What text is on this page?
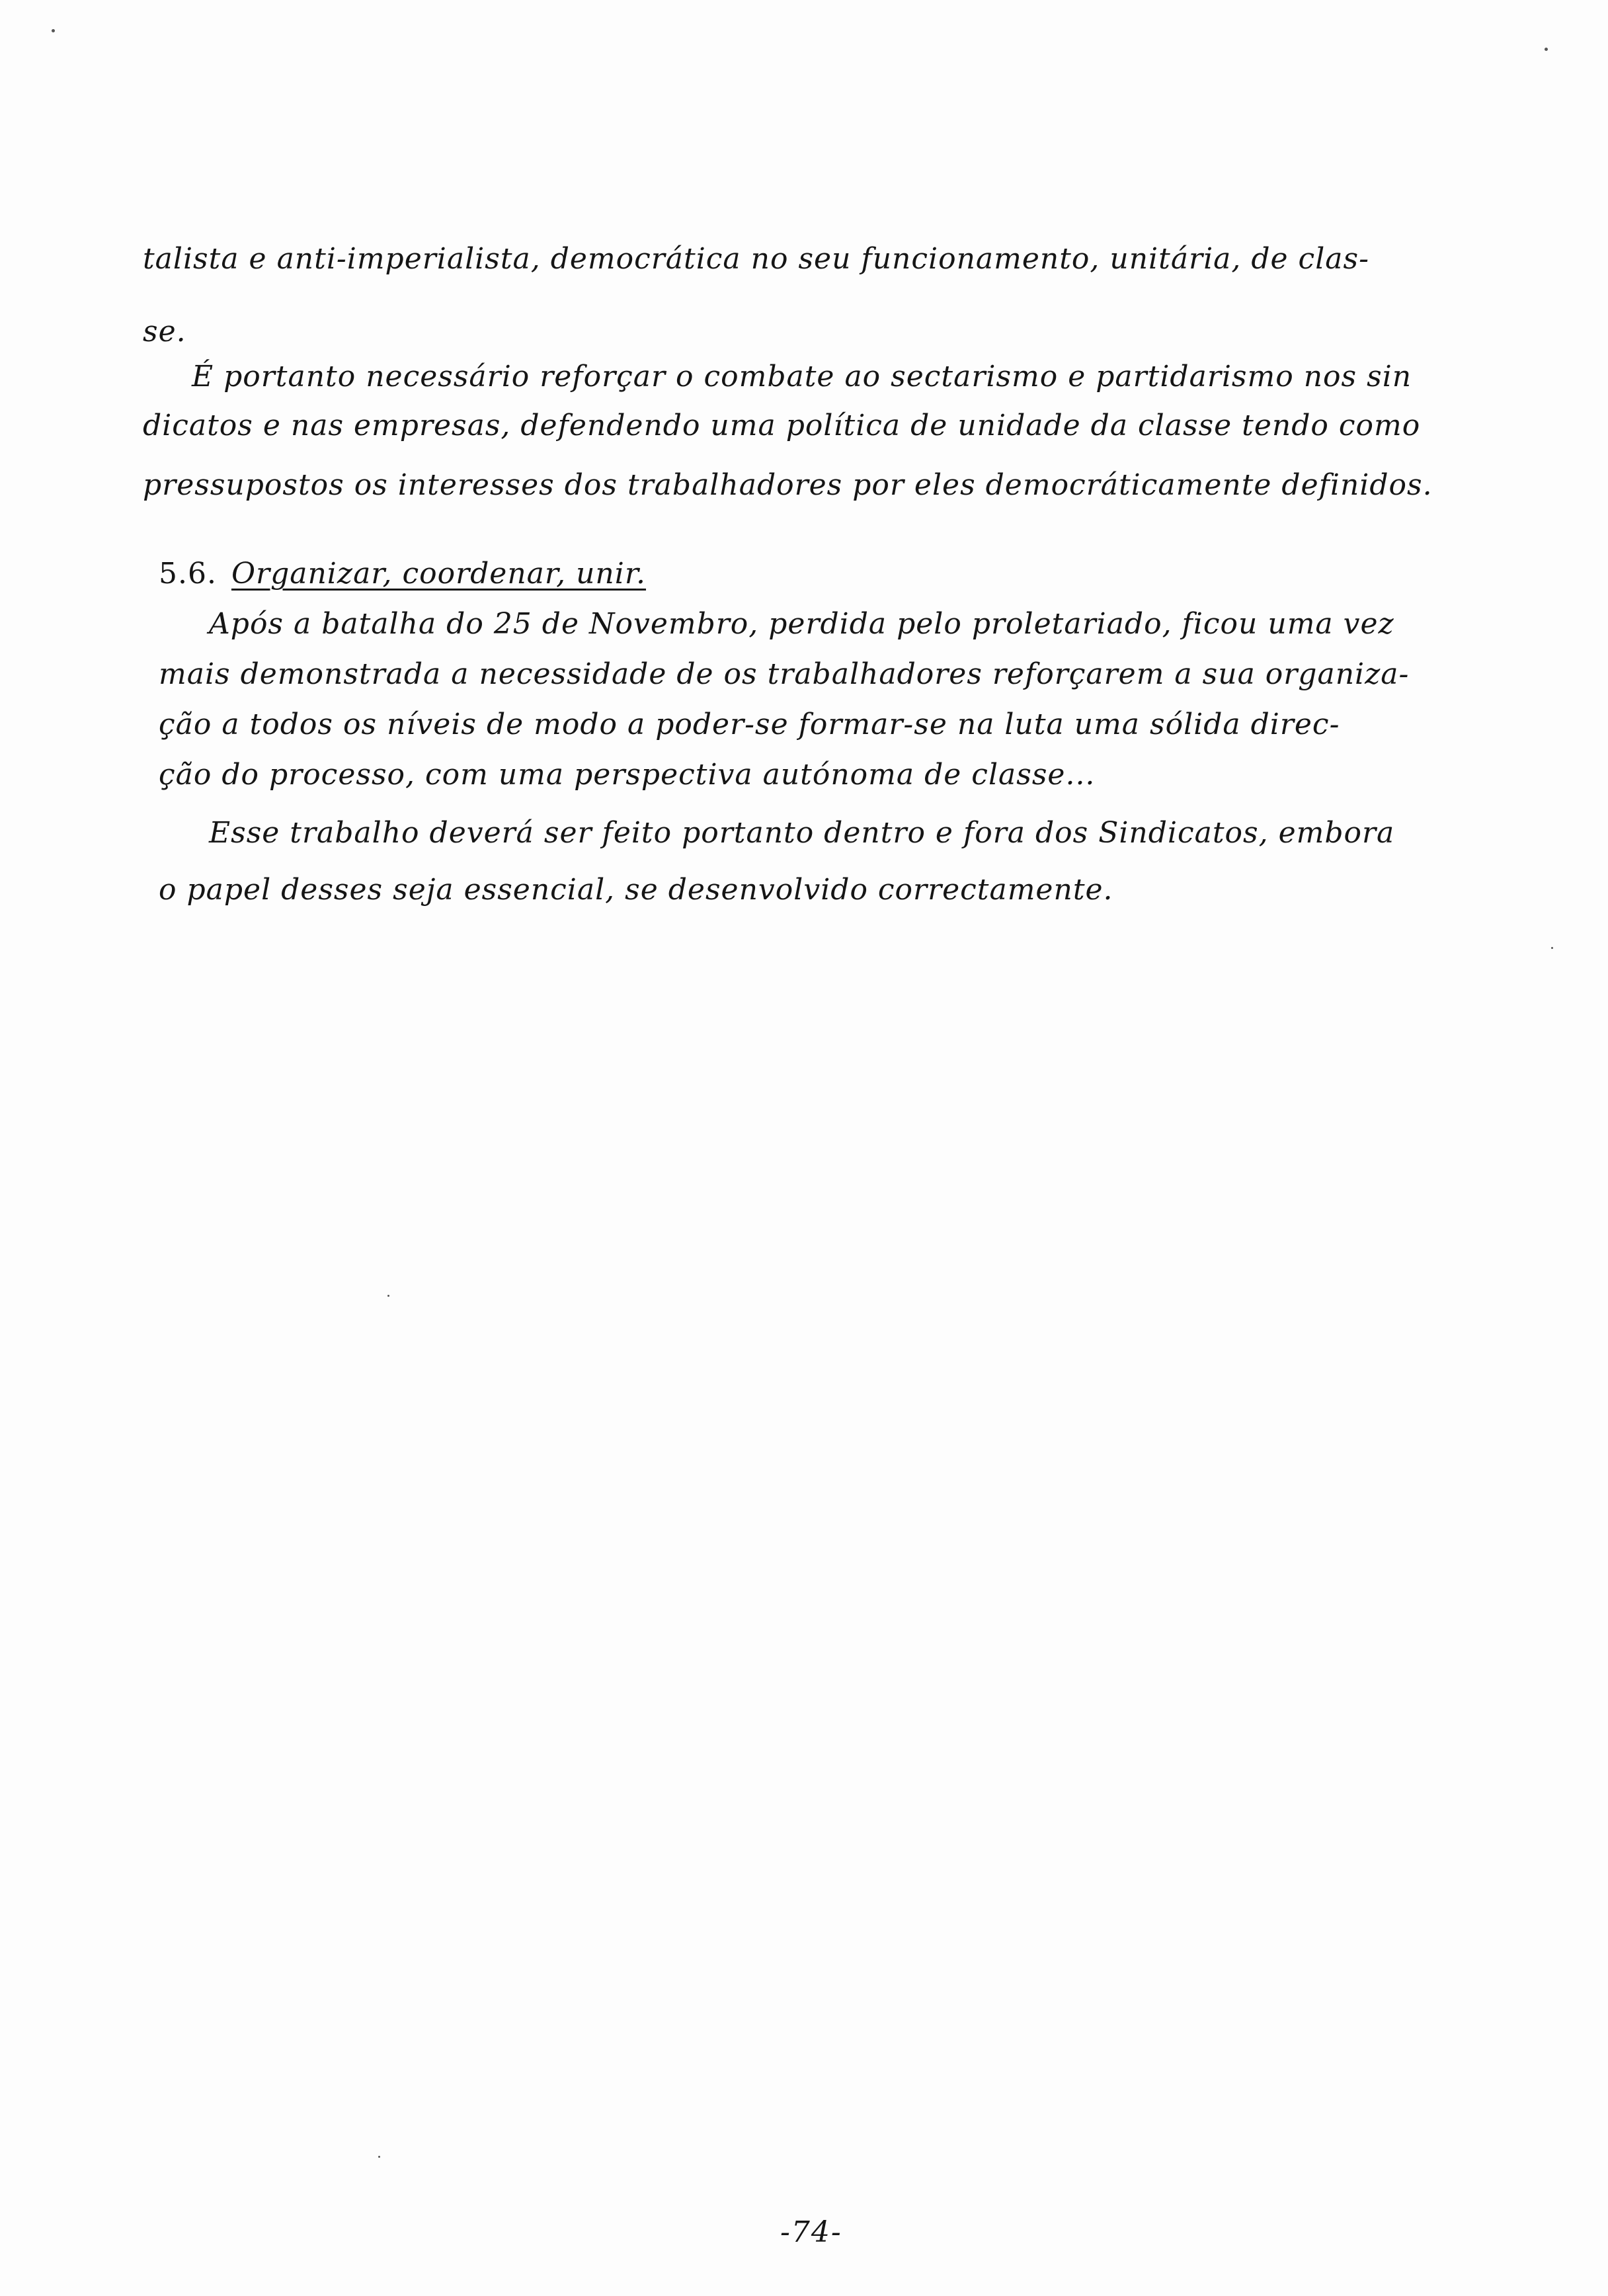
talista e anti-imperialista, democrática no seu funcionamento, unitária, de clas-
se.
É portanto necessário reforçar o combate ao sectarismo e partidarismo nos sin
dicatos e nas empresas, defendendo uma política de unidade da classe tendo como
pressupostos os interesses dos trabalhadores por eles democráticamente definidos.
5.6. Organizar, coordenar, unir.
Após a batalha do 25 de Novembro, perdida pelo proletariado, ficou uma vez
mais demonstrada a necessidade de os trabalhadores reforçarem a sua organiza-
ção a todos os níveis de modo a poder-se formar-se na luta uma sólida direc-
ção do processo, com uma perspectiva autónoma de classe...
Esse trabalho deverá ser feito portanto dentro e fora dos Sindicatos, embora
o papel desses seja essencial, se desenvolvido correctamente.
-74-
